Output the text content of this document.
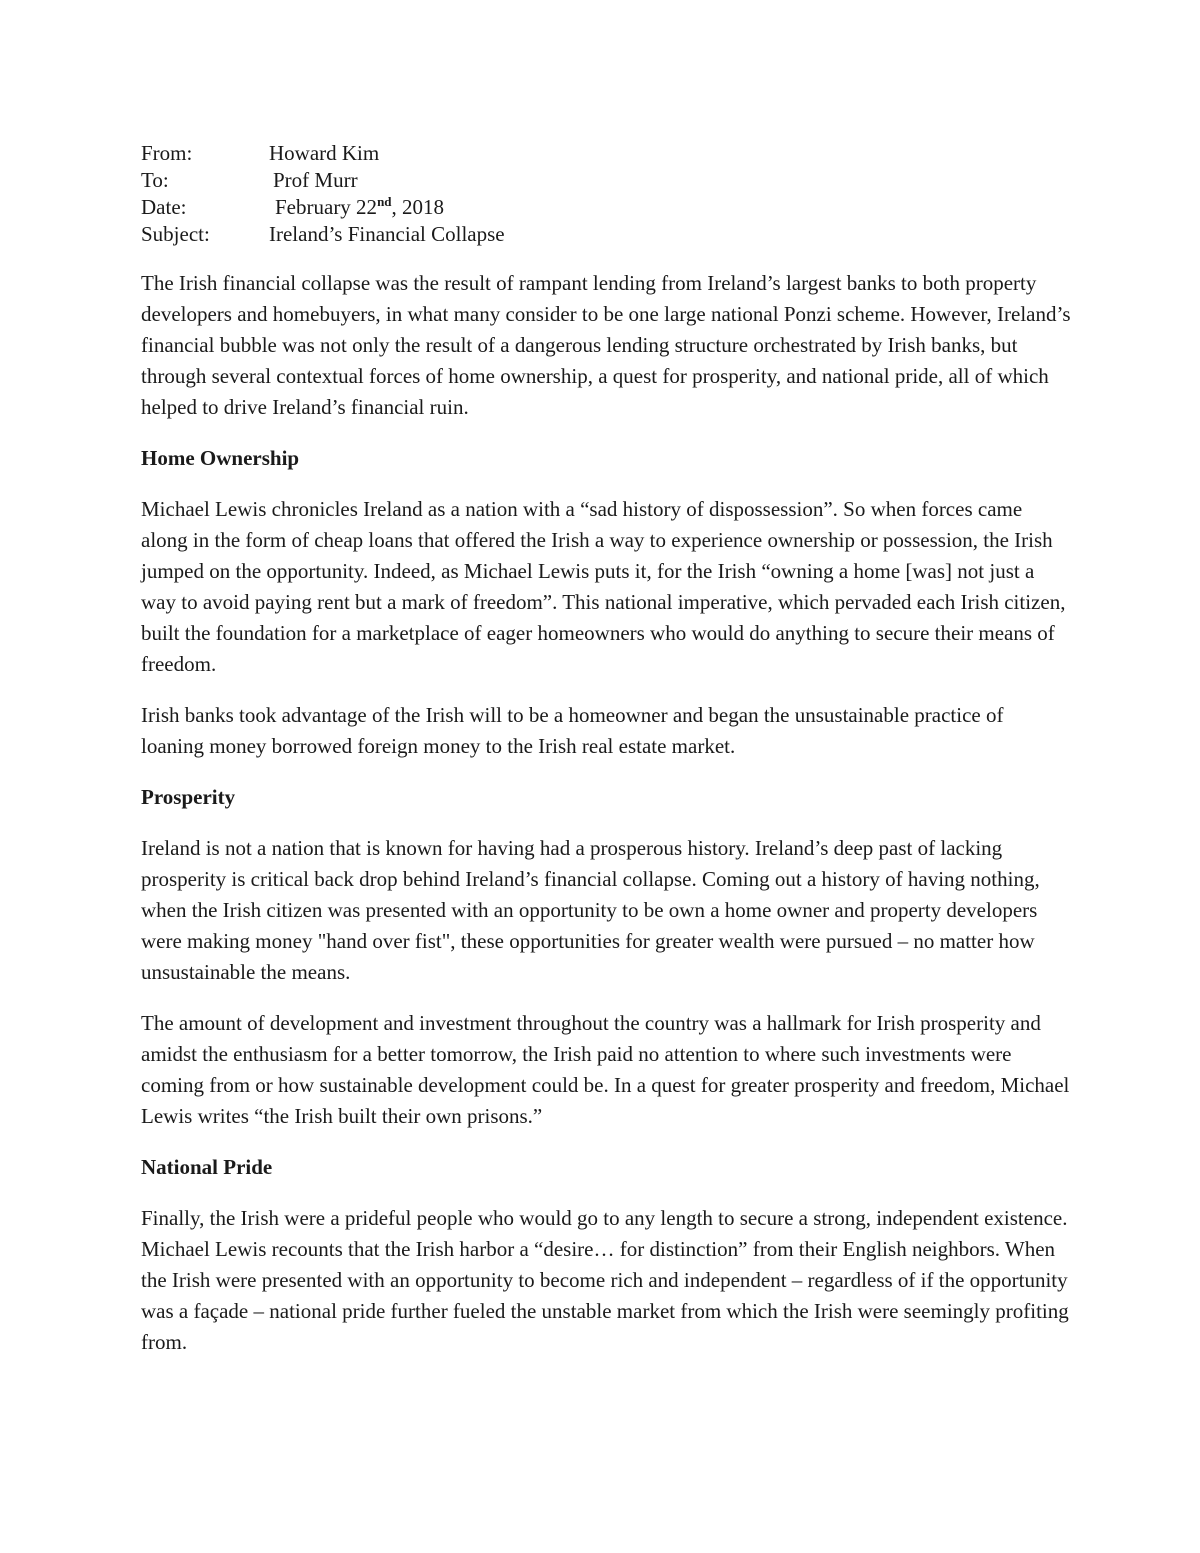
From:	Howard Kim
To:	Prof Murr
Date:	February 22nd, 2018
Subject:	Ireland’s Financial Collapse

The Irish financial collapse was the result of rampant lending from Ireland’s largest banks to both property developers and homebuyers, in what many consider to be one large national Ponzi scheme. However, Ireland’s financial bubble was not only the result of a dangerous lending structure orchestrated by Irish banks, but through several contextual forces of home ownership, a quest for prosperity, and national pride, all of which helped to drive Ireland’s financial ruin.

Home Ownership

Michael Lewis chronicles Ireland as a nation with a “sad history of dispossession”. So when forces came along in the form of cheap loans that offered the Irish a way to experience ownership or possession, the Irish jumped on the opportunity. Indeed, as Michael Lewis puts it, for the Irish “owning a home [was] not just a way to avoid paying rent but a mark of freedom”. This national imperative, which pervaded each Irish citizen, built the foundation for a marketplace of eager homeowners who would do anything to secure their means of freedom.

Irish banks took advantage of the Irish will to be a homeowner and began the unsustainable practice of loaning money borrowed foreign money to the Irish real estate market.

Prosperity

Ireland is not a nation that is known for having had a prosperous history. Ireland’s deep past of lacking prosperity is critical back drop behind Ireland’s financial collapse. Coming out a history of having nothing, when the Irish citizen was presented with an opportunity to be own a home owner and property developers were making money "hand over fist", these opportunities for greater wealth were pursued – no matter how unsustainable the means.

The amount of development and investment throughout the country was a hallmark for Irish prosperity and amidst the enthusiasm for a better tomorrow, the Irish paid no attention to where such investments were coming from or how sustainable development could be. In a quest for greater prosperity and freedom, Michael Lewis writes “the Irish built their own prisons.”

National Pride

Finally, the Irish were a prideful people who would go to any length to secure a strong, independent existence. Michael Lewis recounts that the Irish harbor a “desire… for distinction” from their English neighbors. When the Irish were presented with an opportunity to become rich and independent – regardless of if the opportunity was a façade – national pride further fueled the unstable market from which the Irish were seemingly profiting from.
